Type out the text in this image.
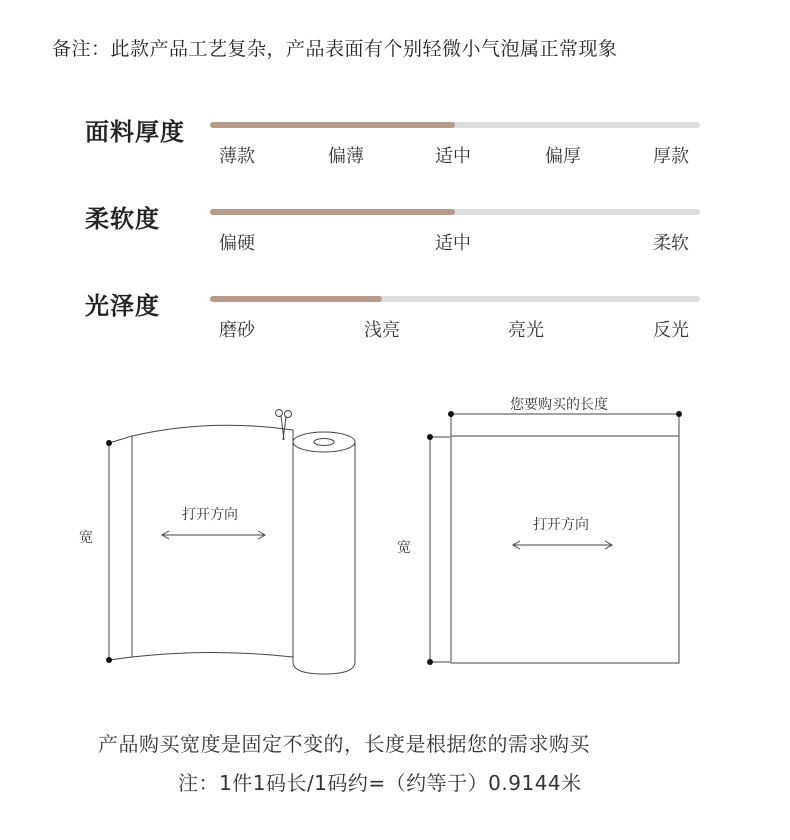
备注：此款产品工艺复杂，产品表面有个别轻微小气泡属正常现象
面料厚度
薄款	偏薄	适中	偏厚	厚款
柔软度
偏硬	适中	柔软
光泽度
磨砂	浅亮	亮光	反光
宽
打开方向
您要购买的长度
宽
打开方向
产品购买宽度是固定不变的，长度是根据您的需求购买
注：1件1码长/1码约=（约等于）0.9144米
